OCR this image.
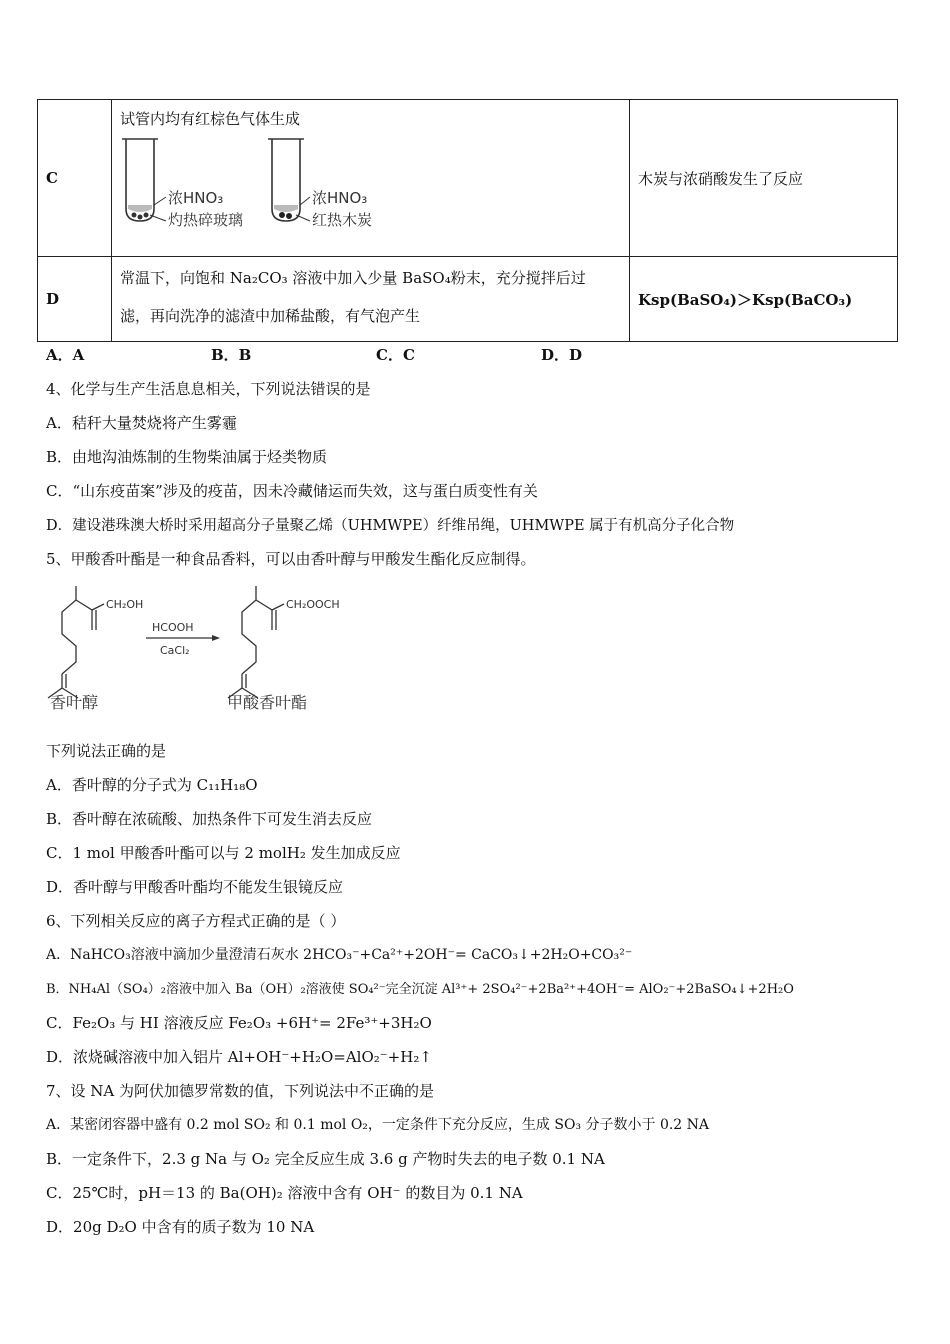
C	试管内均有红棕色气体生成
浓HNO₃
灼热碎玻璃
浓HNO₃
红热木炭	木炭与浓硝酸发生了反应
D	常温下，向饱和 Na₂CO₃ 溶液中加入少量 BaSO₄粉末，充分搅拌后过
滤，再向洗净的滤渣中加稀盐酸，有气泡产生	Ksp(BaSO₄)＞Ksp(BaCO₃)
A．A	B．B	C．C	D．D
4、化学与生产生活息息相关，下列说法错误的是
A．秸秆大量焚烧将产生雾霾
B．由地沟油炼制的生物柴油属于烃类物质
C．“山东疫苗案”涉及的疫苗，因未冷藏储运而失效，这与蛋白质变性有关
D．建设港珠澳大桥时采用超高分子量聚乙烯（UHMWPE）纤维吊绳，UHMWPE 属于有机高分子化合物
5、甲酸香叶酯是一种食品香料，可以由香叶醇与甲酸发生酯化反应制得。
CH₂OH
HCOOH
CaCl₂
CH₂OOCH
香叶醇	甲酸香叶酯
下列说法正确的是
A．香叶醇的分子式为 C₁₁H₁₈O
B．香叶醇在浓硫酸、加热条件下可发生消去反应
C．1 mol 甲酸香叶酯可以与 2 molH₂ 发生加成反应
D．香叶醇与甲酸香叶酯均不能发生银镜反应
6、下列相关反应的离子方程式正确的是（ ）
A．NaHCO₃溶液中滴加少量澄清石灰水 2HCO₃⁻+Ca²⁺+2OH⁻= CaCO₃↓+2H₂O+CO₃²⁻
B．NH₄Al（SO₄）₂溶液中加入 Ba（OH）₂溶液使 SO₄²⁻完全沉淀 Al³⁺+ 2SO₄²⁻+2Ba²⁺+4OH⁻= AlO₂⁻+2BaSO₄↓+2H₂O
C．Fe₂O₃ 与 HI 溶液反应 Fe₂O₃ +6H⁺= 2Fe³⁺+3H₂O
D．浓烧碱溶液中加入铝片 Al+OH⁻+H₂O=AlO₂⁻+H₂↑
7、设 NA 为阿伏加德罗常数的值，下列说法中不正确的是
A．某密闭容器中盛有 0.2 mol SO₂ 和 0.1 mol O₂，一定条件下充分反应，生成 SO₃ 分子数小于 0.2 NA
B．一定条件下，2.3 g Na 与 O₂ 完全反应生成 3.6 g 产物时失去的电子数 0.1 NA
C．25℃时，pH＝13 的 Ba(OH)₂ 溶液中含有 OH⁻ 的数目为 0.1 NA
D．20g D₂O 中含有的质子数为 10 NA
